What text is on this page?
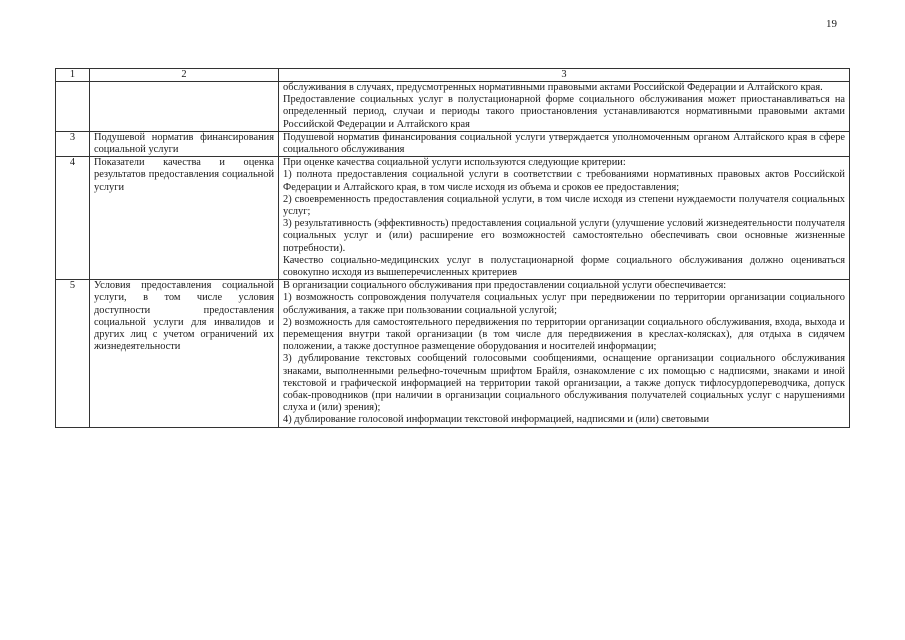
19
1	2	3

		обслуживания в случаях, предусмотренных нормативными правовыми актами Российской Федерации и Алтайского края.

Предоставление социальных услуг в полустационарной форме социального обслуживания может приостанавливаться на определенный период, случаи и периоды такого приостановления устанавливаются нормативными правовыми актами Российской Федерации и Алтайского края

3	Подушевой норматив финансирования социальной услуги	Подушевой норматив финансирования социальной услуги утверждается уполномоченным органом Алтайского края в сфере социального обслуживания

4	Показатели качества и оценка результатов предоставления социальной услуги	При оценке качества социальной услуги используются следующие критерии:

1) полнота предоставления социальной услуги в соответствии с требованиями нормативных правовых актов Российской Федерации и Алтайского края, в том числе исходя из объема и сроков ее предоставления;

2) своевременность предоставления социальной услуги, в том числе исходя из степени нуждаемости получателя социальных услуг;

3) результативность (эффективность) предоставления социальной услуги (улучшение условий жизнедеятельности получателя социальных услуг и (или) расширение его возможностей самостоятельно обеспечивать свои основные жизненные потребности).

Качество социально-медицинских услуг в полустационарной форме социального обслуживания должно оцениваться совокупно исходя из вышеперечисленных критериев

5	Условия предоставления социальной услуги, в том числе условия доступности предоставления социальной услуги для инвалидов и других лиц с учетом ограничений их жизнедеятельности	В организации социального обслуживания при предоставлении социальной услуги обеспечивается:

1) возможность сопровождения получателя социальных услуг при передвижении по территории организации социального обслуживания, а также при пользовании социальной услугой;

2) возможность для самостоятельного передвижения по территории организации социального обслуживания, входа, выхода и перемещения внутри такой организации (в том числе для передвижения в креслах-колясках), для отдыха в сидячем положении, а также доступное размещение оборудования и носителей информации;

3) дублирование текстовых сообщений голосовыми сообщениями, оснащение организации социального обслуживания знаками, выполненными рельефно-точечным шрифтом Брайля, ознакомление с их помощью с надписями, знаками и иной текстовой и графической информацией на территории такой организации, а также допуск тифлосурдопереводчика, допуск собак-проводников (при наличии в организации социального обслуживания получателей социальных услуг с нарушениями слуха и (или) зрения);

4) дублирование голосовой информации текстовой информацией, надписями и (или) световыми
